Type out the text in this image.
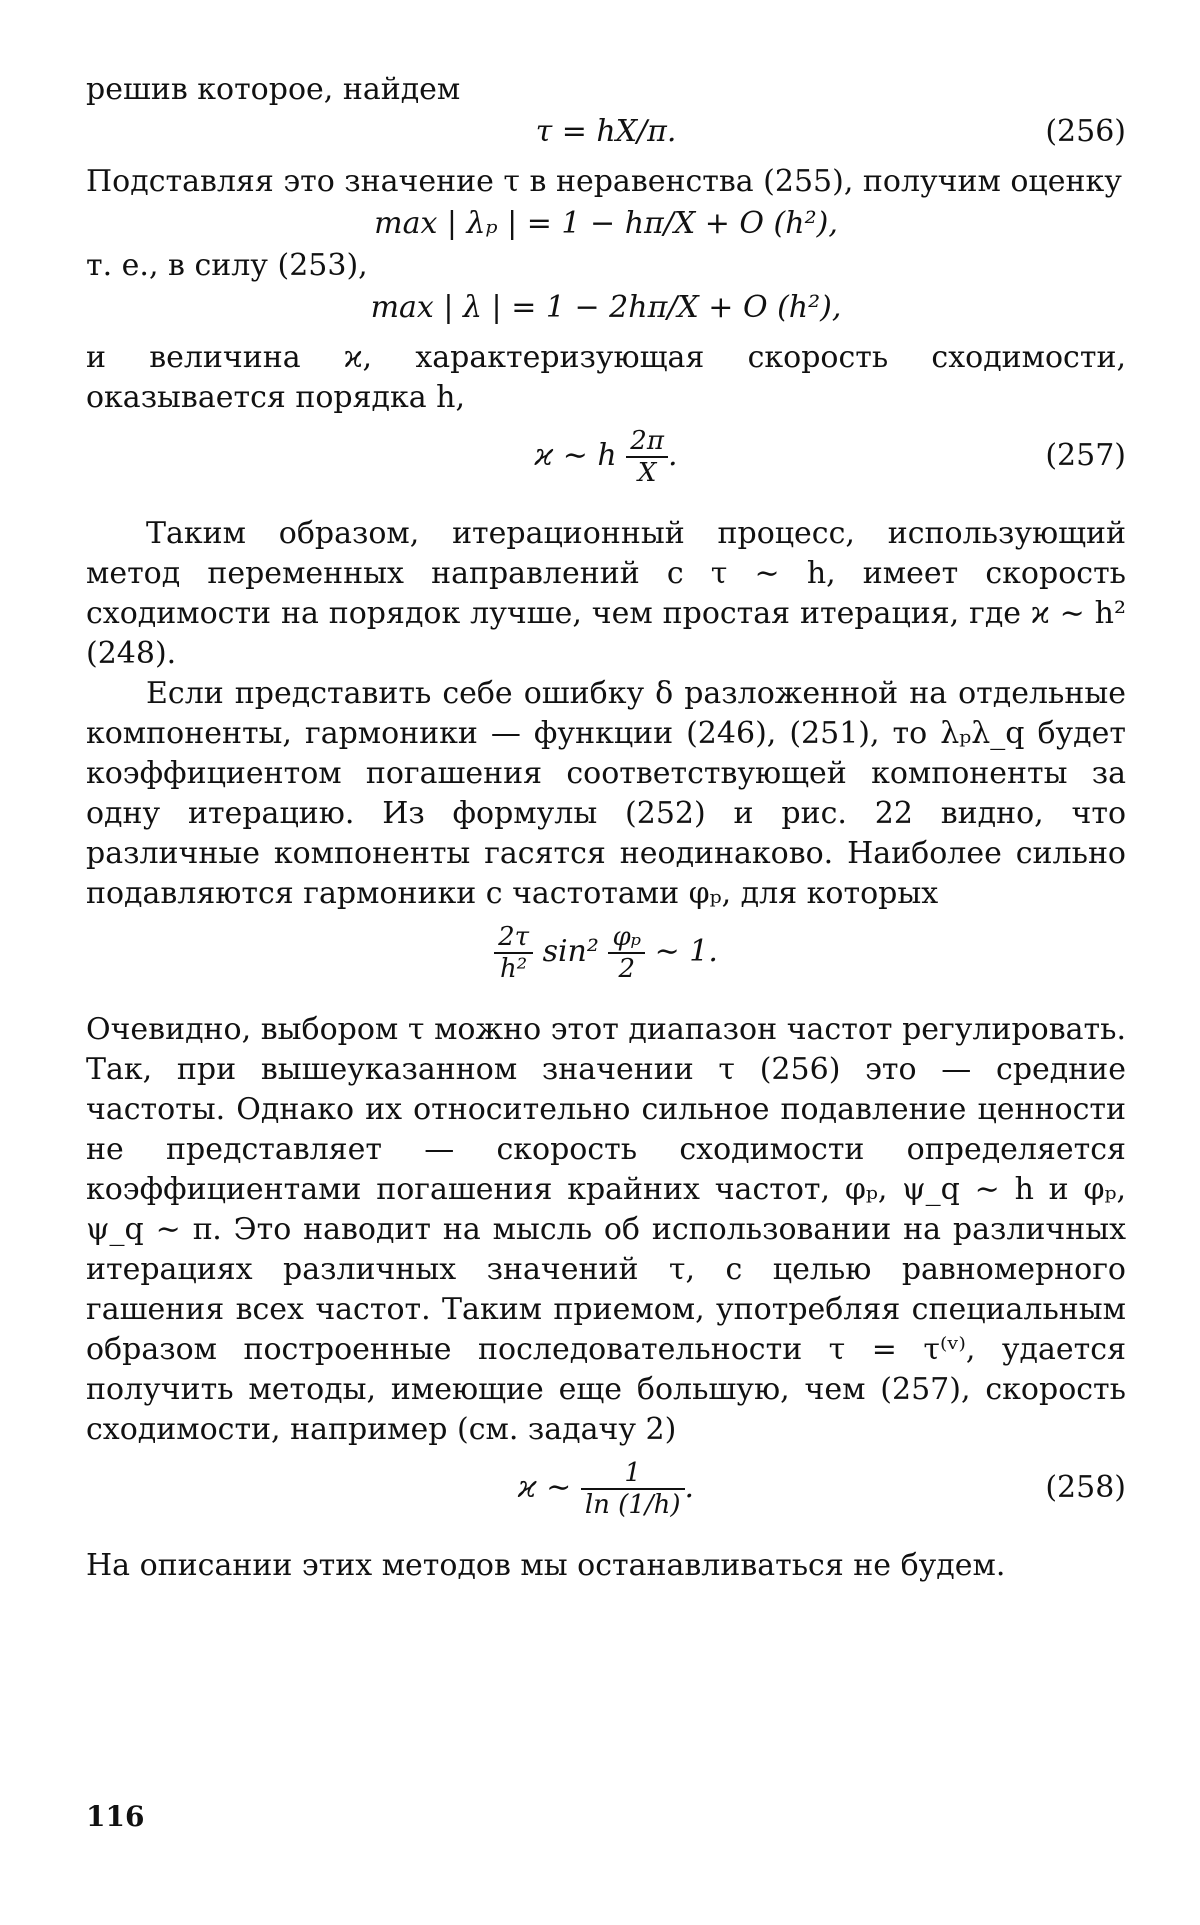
решив которое, найдем

τ = hX/π.	(256)

Подставляя это значение τ в неравенства (255), получим оценку

max | λₚ | = 1 − hπ/X + O (h²),

т. е., в силу (253),

max | λ | = 1 − 2hπ/X + O (h²),

и величина ϰ, характеризующая скорость сходимости, оказывается порядка h,

ϰ ∼ h $\frac{2\pi}{X}$ .	(257)

Таким образом, итерационный процесс, использующий метод переменных направлений с τ ∼ h, имеет скорость сходимости на порядок лучше, чем простая итерация, где ϰ ∼ h² (248).

Если представить себе ошибку δ разложенной на отдельные компоненты, гармоники — функции (246), (251), то λₚλ_q будет коэффициентом погашения соответствующей компоненты за одну итерацию. Из формулы (252) и рис. 22 видно, что различные компоненты гасятся неодинаково. Наиболее сильно подавляются гармоники с частотами φₚ, для которых

$\frac{2\tau}{\text{h²}} \sin^2 \frac{\text{φₚ}}{2}$ ∼ 1.

Очевидно, выбором τ можно этот диапазон частот регулировать. Так, при вышеуказанном значении τ (256) это — средние частоты. Однако их относительно сильное подавление ценности не представляет — скорость сходимости определяется коэффициентами погашения крайних частот, φₚ, ψ_q ∼ h и φₚ, ψ_q ∼ π. Это наводит на мысль об использовании на различных итерациях различных значений τ, с целью равномерного гашения всех частот. Таким приемом, употребляя специальным образом построенные последовательности τ = τ⁽ᵛ⁾, удается получить методы, имеющие еще большую, чем (257), скорость сходимости, например (см. задачу 2)

ϰ ∼ $\frac{1}{\ln (1/h)}$ .	(258)

На описании этих методов мы останавливаться не будем.

116
